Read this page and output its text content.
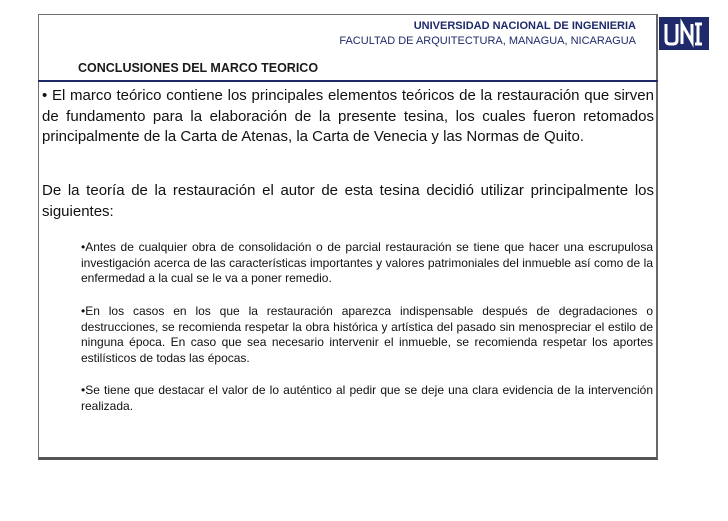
UNIVERSIDAD NACIONAL DE INGENIERIA
FACULTAD DE ARQUITECTURA, MANAGUA, NICARAGUA
CONCLUSIONES DEL MARCO TEORICO

• El marco teórico contiene los principales elementos teóricos de la restauración que sirven de fundamento para la elaboración de la presente tesina, los cuales fueron retomados principalmente de la Carta de Atenas, la Carta de Venecia y las Normas de Quito.

De la teoría de la restauración el autor de esta tesina decidió utilizar principalmente los siguientes:

•Antes de cualquier obra de consolidación o de parcial restauración se tiene que hacer una escrupulosa investigación acerca de las características importantes y valores patrimoniales del inmueble así como de la enfermedad a la cual se le va a poner remedio.

•En los casos en los que la restauración aparezca indispensable después de degradaciones o destrucciones, se recomienda respetar la obra histórica y artística del pasado sin menospreciar el estilo de ninguna época. En caso que sea necesario intervenir el inmueble, se recomienda respetar los aportes estilísticos de todas las épocas.

•Se tiene que destacar el valor de lo auténtico al pedir que se deje una clara evidencia de la intervención realizada.
